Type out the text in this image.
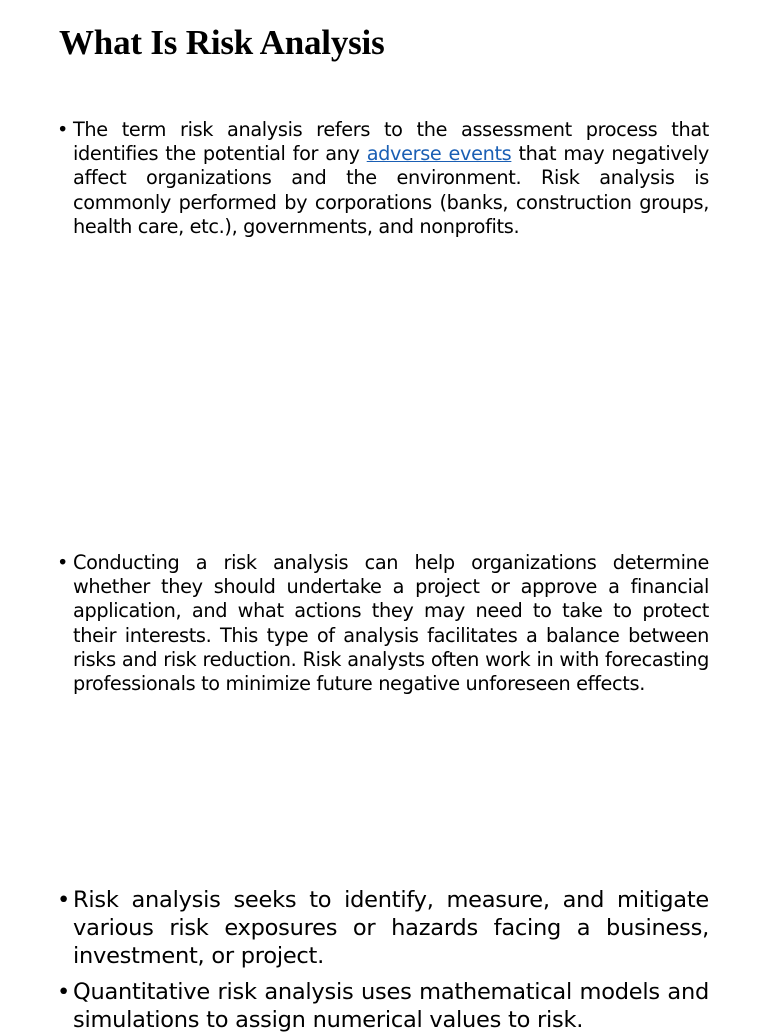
What Is Risk Analysis
• The term risk analysis refers to the assessment process that identifies the potential for any adverse events that may negatively affect organizations and the environment. Risk analysis is commonly performed by corporations (banks, construction groups, health care, etc.), governments, and nonprofits.
• Conducting a risk analysis can help organizations determine whether they should undertake a project or approve a financial application, and what actions they may need to take to protect their interests. This type of analysis facilitates a balance between risks and risk reduction. Risk analysts often work in with forecasting professionals to minimize future negative unforeseen effects.
• Risk analysis seeks to identify, measure, and mitigate various risk exposures or hazards facing a business, investment, or project.
• Quantitative risk analysis uses mathematical models and simulations to assign numerical values to risk.
